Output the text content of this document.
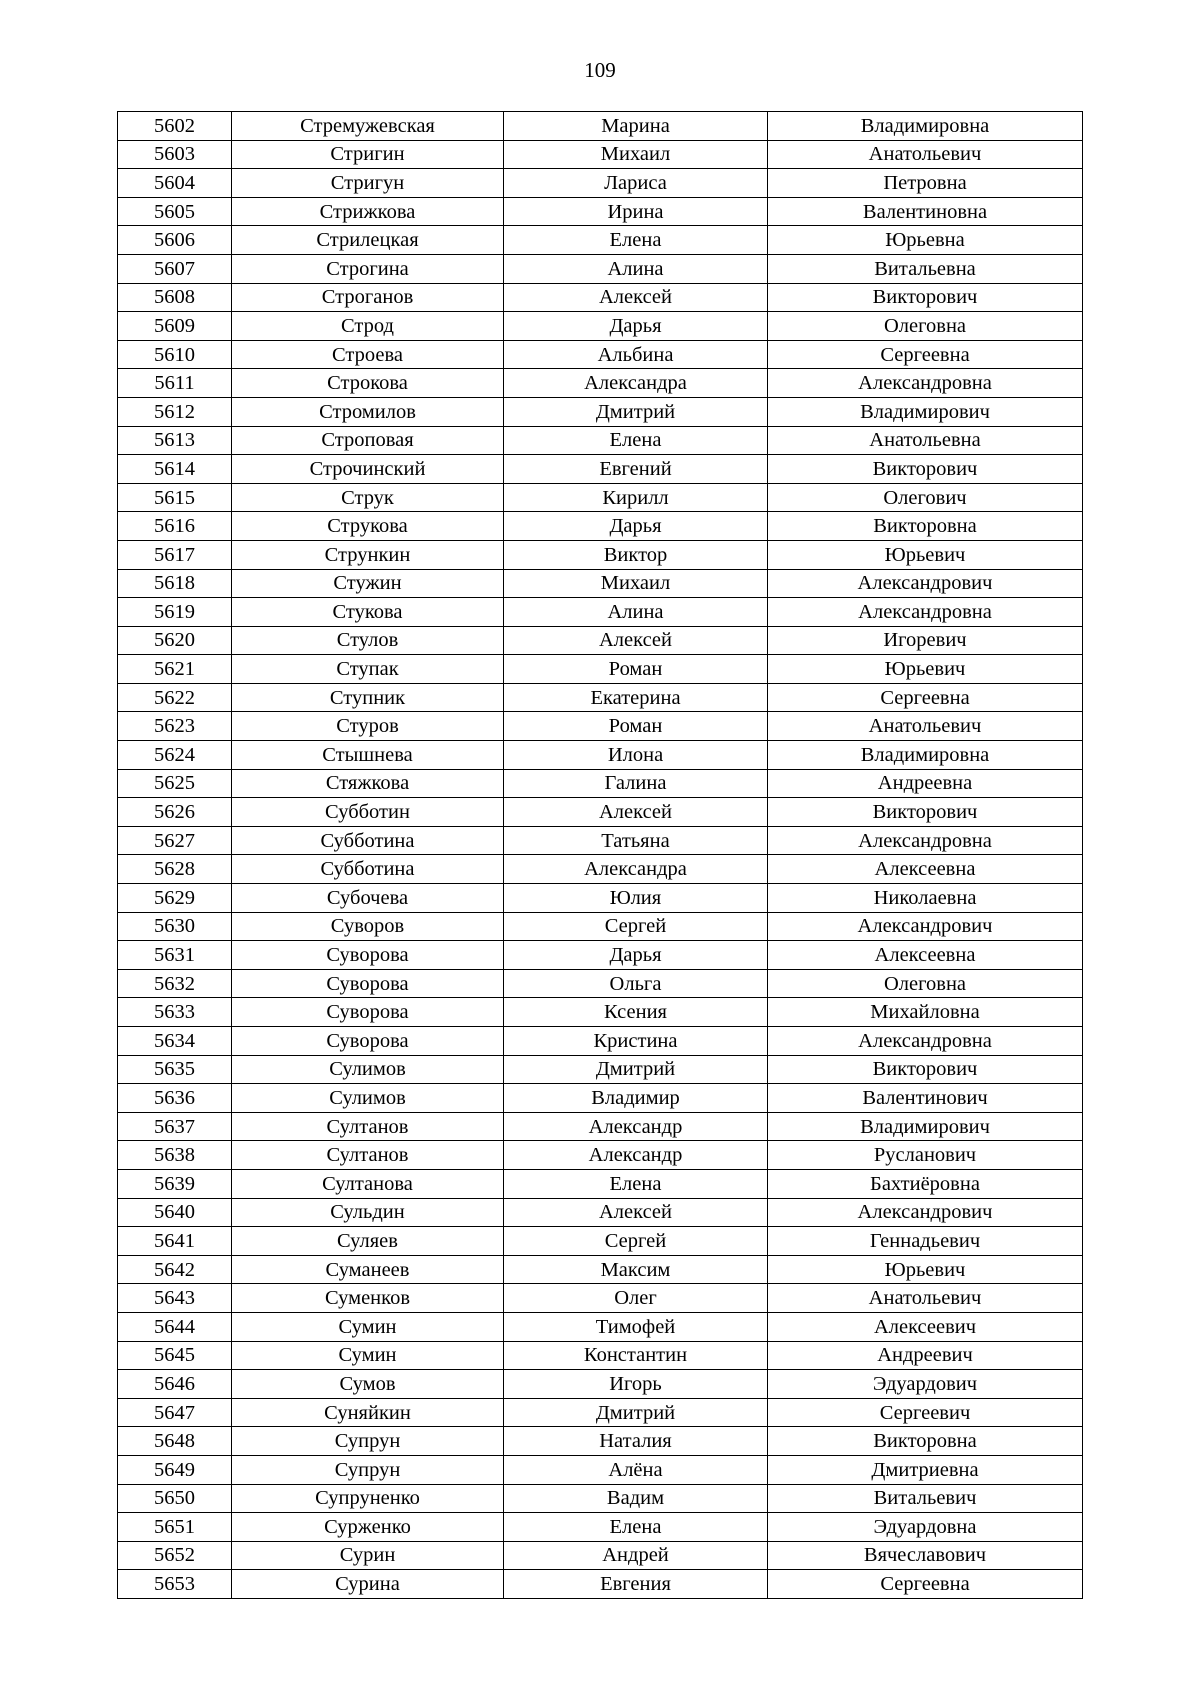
109
5602	Стремужевская	Марина	Владимировна
5603	Стригин	Михаил	Анатольевич
5604	Стригун	Лариса	Петровна
5605	Стрижкова	Ирина	Валентиновна
5606	Стрилецкая	Елена	Юрьевна
5607	Строгина	Алина	Витальевна
5608	Строганов	Алексей	Викторович
5609	Строд	Дарья	Олеговна
5610	Строева	Альбина	Сергеевна
5611	Строкова	Александра	Александровна
5612	Стромилов	Дмитрий	Владимирович
5613	Строповая	Елена	Анатольевна
5614	Строчинский	Евгений	Викторович
5615	Струк	Кирилл	Олегович
5616	Струкова	Дарья	Викторовна
5617	Стрункин	Виктор	Юрьевич
5618	Стужин	Михаил	Александрович
5619	Стукова	Алина	Александровна
5620	Стулов	Алексей	Игоревич
5621	Ступак	Роман	Юрьевич
5622	Ступник	Екатерина	Сергеевна
5623	Стуров	Роман	Анатольевич
5624	Стышнева	Илона	Владимировна
5625	Стяжкова	Галина	Андреевна
5626	Субботин	Алексей	Викторович
5627	Субботина	Татьяна	Александровна
5628	Субботина	Александра	Алексеевна
5629	Субочева	Юлия	Николаевна
5630	Суворов	Сергей	Александрович
5631	Суворова	Дарья	Алексеевна
5632	Суворова	Ольга	Олеговна
5633	Суворова	Ксения	Михайловна
5634	Суворова	Кристина	Александровна
5635	Сулимов	Дмитрий	Викторович
5636	Сулимов	Владимир	Валентинович
5637	Султанов	Александр	Владимирович
5638	Султанов	Александр	Русланович
5639	Султанова	Елена	Бахтиёровна
5640	Сульдин	Алексей	Александрович
5641	Суляев	Сергей	Геннадьевич
5642	Суманеев	Максим	Юрьевич
5643	Суменков	Олег	Анатольевич
5644	Сумин	Тимофей	Алексеевич
5645	Сумин	Константин	Андреевич
5646	Сумов	Игорь	Эдуардович
5647	Суняйкин	Дмитрий	Сергеевич
5648	Супрун	Наталия	Викторовна
5649	Супрун	Алёна	Дмитриевна
5650	Супруненко	Вадим	Витальевич
5651	Сурженко	Елена	Эдуардовна
5652	Сурин	Андрей	Вячеславович
5653	Сурина	Евгения	Сергеевна
